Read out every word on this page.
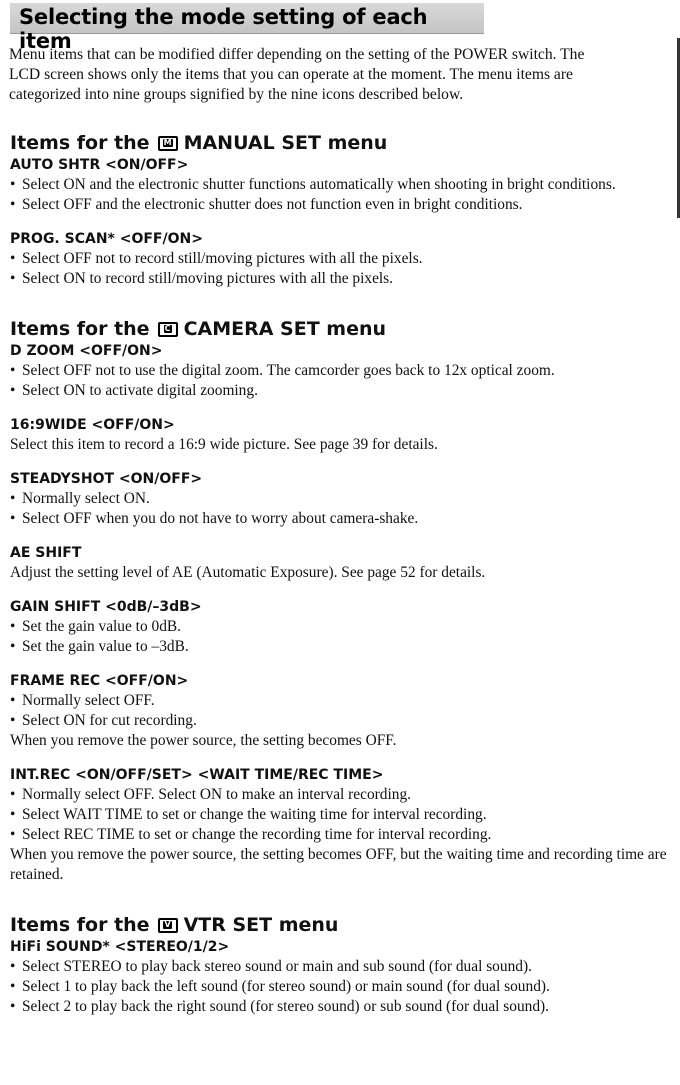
Selecting the mode setting of each item
Menu items that can be modified differ depending on the setting of the POWER switch. The
LCD screen shows only the items that you can operate at the moment. The menu items are
categorized into nine groups signified by the nine icons described below.
Items for the M MANUAL SET menu
AUTO SHTR <ON/OFF>
• Select ON and the electronic shutter functions automatically when shooting in bright conditions.
• Select OFF and the electronic shutter does not function even in bright conditions.
PROG. SCAN* <OFF/ON>
• Select OFF not to record still/moving pictures with all the pixels.
• Select ON to record still/moving pictures with all the pixels.
Items for the C CAMERA SET menu
D ZOOM <OFF/ON>
• Select OFF not to use the digital zoom. The camcorder goes back to 12x optical zoom.
• Select ON to activate digital zooming.
16:9WIDE <OFF/ON>
Select this item to record a 16:9 wide picture. See page 39 for details.
STEADYSHOT <ON/OFF>
• Normally select ON.
• Select OFF when you do not have to worry about camera-shake.
AE SHIFT
Adjust the setting level of AE (Automatic Exposure). See page 52 for details.
GAIN SHIFT <0dB/–3dB>
• Set the gain value to 0dB.
• Set the gain value to –3dB.
FRAME REC <OFF/ON>
• Normally select OFF.
• Select ON for cut recording.
When you remove the power source, the setting becomes OFF.
INT.REC <ON/OFF/SET> <WAIT TIME/REC TIME>
• Normally select OFF. Select ON to make an interval recording.
• Select WAIT TIME to set or change the waiting time for interval recording.
• Select REC TIME to set or change the recording time for interval recording.
When you remove the power source, the setting becomes OFF, but the waiting time and recording time are retained.
Items for the V VTR SET menu
HiFi SOUND* <STEREO/1/2>
• Select STEREO to play back stereo sound or main and sub sound (for dual sound).
• Select 1 to play back the left sound (for stereo sound) or main sound (for dual sound).
• Select 2 to play back the right sound (for stereo sound) or sub sound (for dual sound).
